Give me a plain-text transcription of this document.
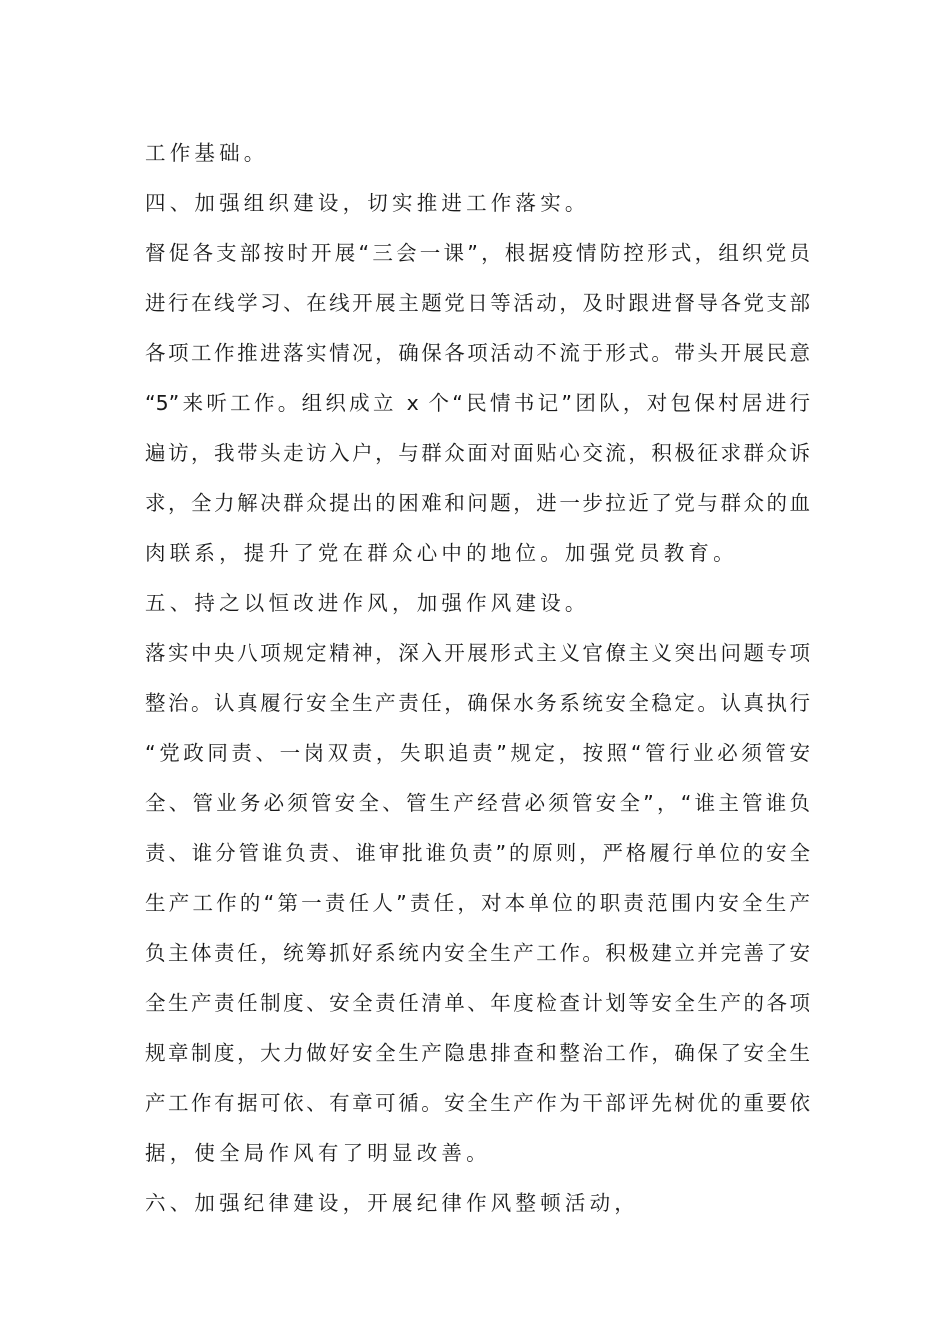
工作基础。
四、加强组织建设，切实推进工作落实。
督促各支部按时开展“三会一课”，根据疫情防控形式，组织党员
进行在线学习、在线开展主题党日等活动，及时跟进督导各党支部
各项工作推进落实情况，确保各项活动不流于形式。带头开展民意
“5”来听工作。组织成立 x 个“民情书记”团队，对包保村居进行
遍访，我带头走访入户，与群众面对面贴心交流，积极征求群众诉
求，全力解决群众提出的困难和问题，进一步拉近了党与群众的血
肉联系，提升了党在群众心中的地位。加强党员教育。
五、持之以恒改进作风，加强作风建设。
落实中央八项规定精神，深入开展形式主义官僚主义突出问题专项
整治。认真履行安全生产责任，确保水务系统安全稳定。认真执行
“党政同责、一岗双责，失职追责”规定，按照“管行业必须管安
全、管业务必须管安全、管生产经营必须管安全”，“谁主管谁负
责、谁分管谁负责、谁审批谁负责”的原则，严格履行单位的安全
生产工作的“第一责任人”责任，对本单位的职责范围内安全生产
负主体责任，统筹抓好系统内安全生产工作。积极建立并完善了安
全生产责任制度、安全责任清单、年度检查计划等安全生产的各项
规章制度，大力做好安全生产隐患排查和整治工作，确保了安全生
产工作有据可依、有章可循。安全生产作为干部评先树优的重要依
据，使全局作风有了明显改善。
六、加强纪律建设，开展纪律作风整顿活动，
